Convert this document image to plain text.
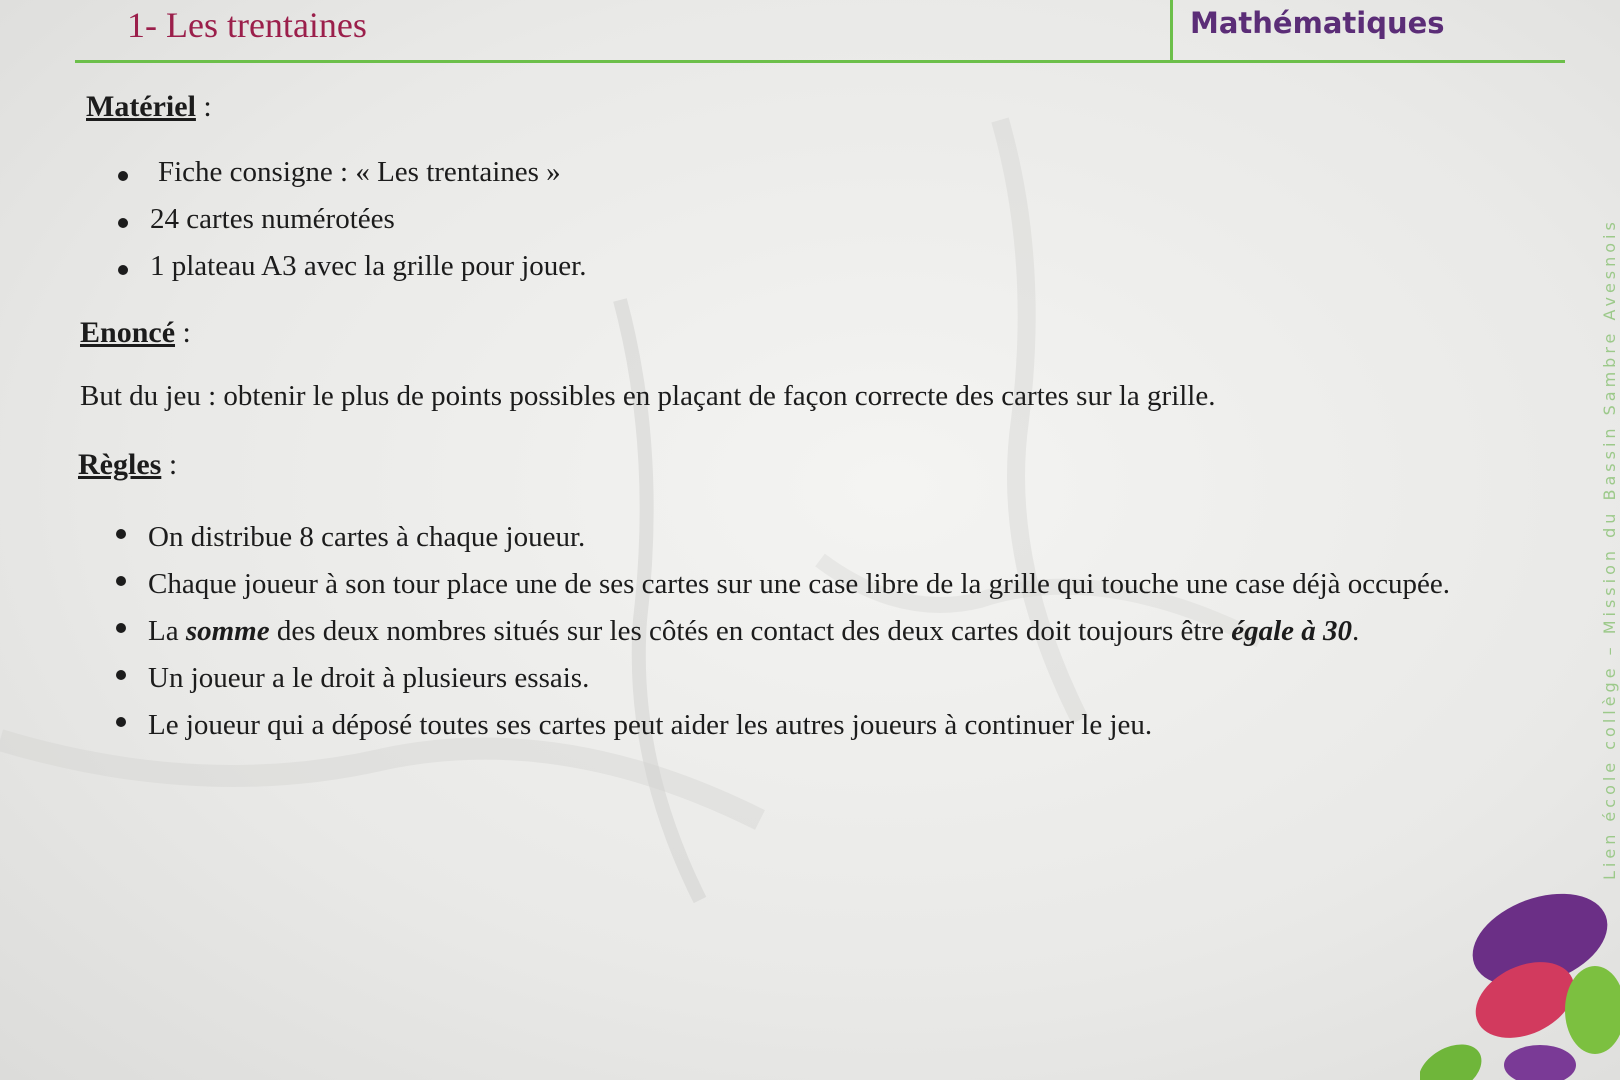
1- Les trentaines	Mathématiques
Matériel :
Fiche consigne : « Les trentaines »
24 cartes numérotées
1 plateau A3 avec la grille pour jouer.
Enoncé :
But du jeu : obtenir le plus de points possibles en plaçant de façon correcte des cartes sur la grille.
Règles :
On distribue 8 cartes à chaque joueur.
Chaque joueur à son tour place une de ses cartes sur une case libre de la grille qui touche une case déjà occupée.
La somme des deux nombres situés sur les côtés en contact des deux cartes doit toujours être égale à 30.
Un joueur a le droit à plusieurs essais.
Le joueur qui a déposé toutes ses cartes peut aider les autres joueurs à continuer le jeu.	Lien école collège – Mission du Bassin Sambre Avesnois
